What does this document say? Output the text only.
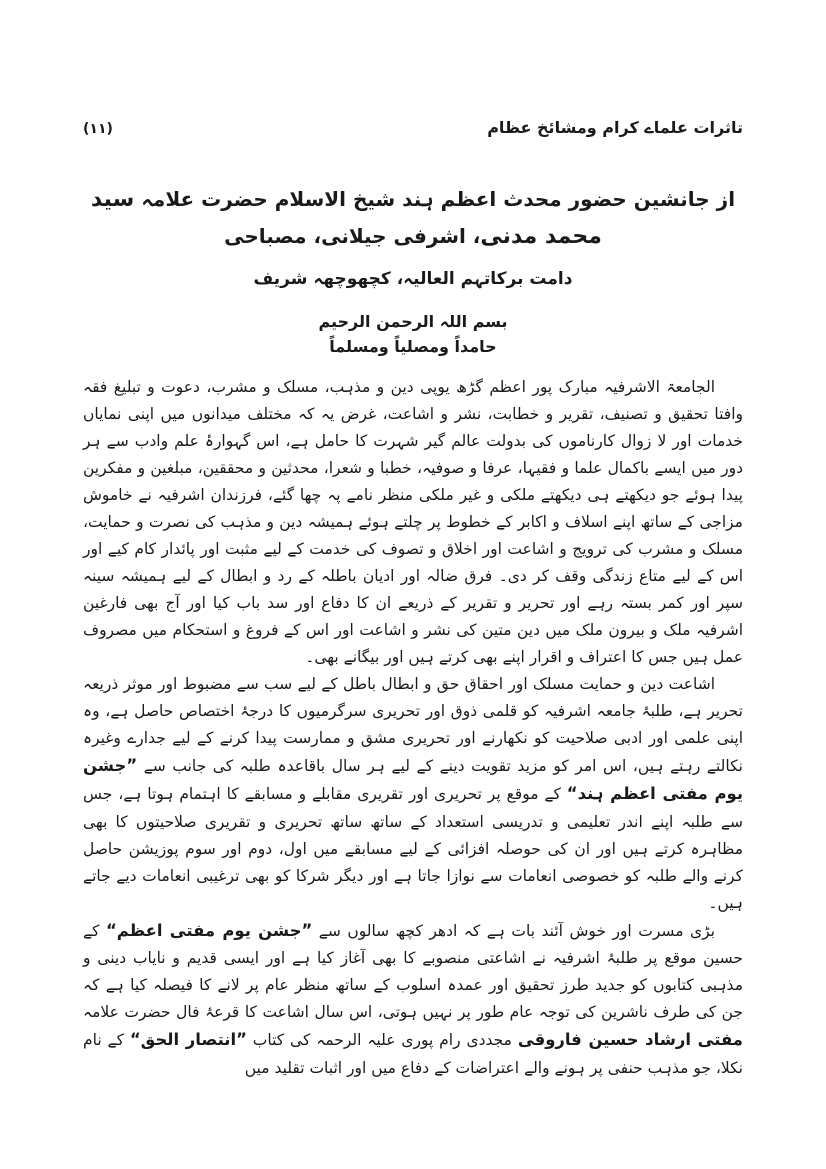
تاثرات علماے کرام ومشائخ عظام
(۱۱)
از جانشین حضور محدث اعظم ہند شیخ الاسلام حضرت علامہ سید محمد مدنی، اشرفی جیلانی، مصباحی
دامت برکاتہم العالیہ، کچھوچھہ شریف
بسم اللہ الرحمن الرحیم
حامداً ومصلیاً ومسلماً

الجامعۃ الاشرفیہ مبارک پور اعظم گڑھ یوپی دین و مذہب، مسلک و مشرب، دعوت و تبلیغ فقہ وافتا تحقیق و تصنیف، تقریر و خطابت، نشر و اشاعت، غرض یہ کہ مختلف میدانوں میں اپنی نمایاں خدمات اور لا زوال کارناموں کی بدولت عالم گیر شہرت کا حامل ہے، اس گہوارۂ علم وادب سے ہر دور میں ایسے باکمال علما و فقیہا، عرفا و صوفیہ، خطبا و شعرا، محدثین و محققین، مبلغین و مفکرین پیدا ہوئے جو دیکھتے ہی دیکھتے ملکی و غیر ملکی منظر نامے پہ چھا گئے، فرزندان اشرفیہ نے خاموش مزاجی کے ساتھ اپنے اسلاف و اکابر کے خطوط پر چلتے ہوئے ہمیشہ دین و مذہب کی نصرت و حمایت، مسلک و مشرب کی ترویج و اشاعت اور اخلاق و تصوف کی خدمت کے لیے مثبت اور پائدار کام کیے اور اس کے لیے متاع زندگی وقف کر دی۔ فرق ضالہ اور ادیان باطلہ کے رد و ابطال کے لیے ہمیشہ سینہ سپر اور کمر بستہ رہے اور تحریر و تقریر کے ذریعے ان کا دفاع اور سد باب کیا اور آج بھی فارغین اشرفیہ ملک و بیرون ملک میں دین متین کی نشر و اشاعت اور اس کے فروغ و استحکام میں مصروف عمل ہیں جس کا اعتراف و اقرار اپنے بھی کرتے ہیں اور بیگانے بھی۔

اشاعت دین و حمایت مسلک اور احقاق حق و ابطال باطل کے لیے سب سے مضبوط اور موثر ذریعہ تحریر ہے، طلبۂ جامعہ اشرفیہ کو قلمی ذوق اور تحریری سرگرمیوں کا درجۂ اختصاص حاصل ہے، وہ اپنی علمی اور ادبی صلاحیت کو نکھارنے اور تحریری مشق و ممارست پیدا کرنے کے لیے جدارے وغیرہ نکالتے رہتے ہیں، اس امر کو مزید تقویت دینے کے لیے ہر سال باقاعدہ طلبہ کی جانب سے ”جشن یوم مفتی اعظم ہند“ کے موقع پر تحریری اور تقریری مقابلے و مسابقے کا اہتمام ہوتا ہے، جس سے طلبہ اپنے اندر تعلیمی و تدریسی استعداد کے ساتھ ساتھ تحریری و تقریری صلاحیتوں کا بھی مظاہرہ کرتے ہیں اور ان کی حوصلہ افزائی کے لیے مسابقے میں اول، دوم اور سوم پوزیشن حاصل کرنے والے طلبہ کو خصوصی انعامات سے نوازا جاتا ہے اور دیگر شرکا کو بھی ترغیبی انعامات دیے جاتے ہیں۔

بڑی مسرت اور خوش آئند بات ہے کہ ادھر کچھ سالوں سے ”جشن یوم مفتی اعظم“ کے حسین موقع پر طلبۂ اشرفیہ نے اشاعتی منصوبے کا بھی آغاز کیا ہے اور ایسی قدیم و نایاب دینی و مذہبی کتابوں کو جدید طرز تحقیق اور عمدہ اسلوب کے ساتھ منظر عام پر لانے کا فیصلہ کیا ہے کہ جن کی طرف ناشرین کی توجہ عام طور پر نہیں ہوتی، اس سال اشاعت کا قرعۂ فال حضرت علامہ مفتی ارشاد حسین فاروقی مجددی رام پوری علیہ الرحمہ کی کتاب ”انتصار الحق“ کے نام نکلا، جو مذہب حنفی پر ہونے والے اعتراضات کے دفاع میں اور اثبات تقلید میں
